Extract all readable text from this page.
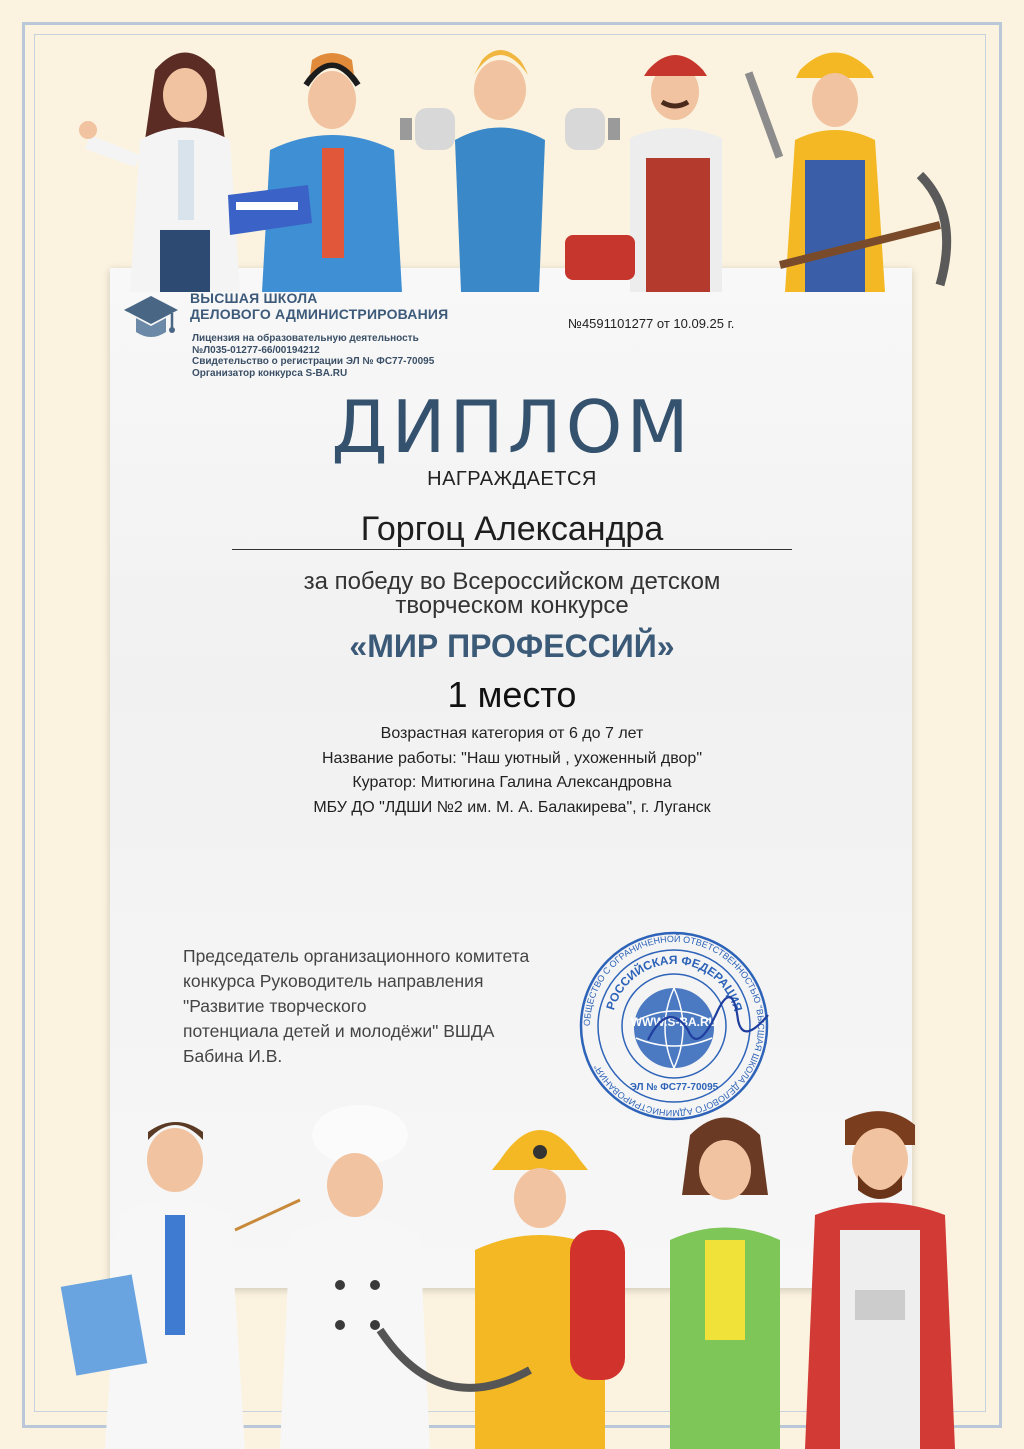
ВЫСШАЯ ШКОЛА
ДЕЛОВОГО АДМИНИСТРИРОВАНИЯ
Лицензия на образовательную деятельность
№Л035-01277-66/00194212
Свидетельство о регистрации ЭЛ № ФС77-70095
Организатор конкурса S-BA.RU
№4591101277 от 10.09.25 г.
ДИПЛОМ
НАГРАЖДАЕТСЯ
Горгоц Александра
за победу во Всероссийском детском
творческом конкурсе
«МИР ПРОФЕССИЙ»
1 место
Возрастная категория от 6 до 7 лет
Название работы: "Наш уютный , ухоженный двор"
Куратор: Митюгина Галина Александровна
МБУ ДО "ЛДШИ №2 им. М. А. Балакирева", г. Луганск
Председатель организационного комитета
конкурса Руководитель направления
"Развитие творческого
потенциала детей и молодёжи" ВШДА
Бабина И.В.
ОБЩЕСТВО С ОГРАНИЧЕННОЙ ОТВЕТСТВЕННОСТЬЮ "ВЫСШАЯ ШКОЛА ДЕЛОВОГО АДМИНИСТРИРОВАНИЯ"
РОССИЙСКАЯ ФЕДЕРАЦИЯ
WWW.S-BA.RU
ЭЛ № ФС77-70095
